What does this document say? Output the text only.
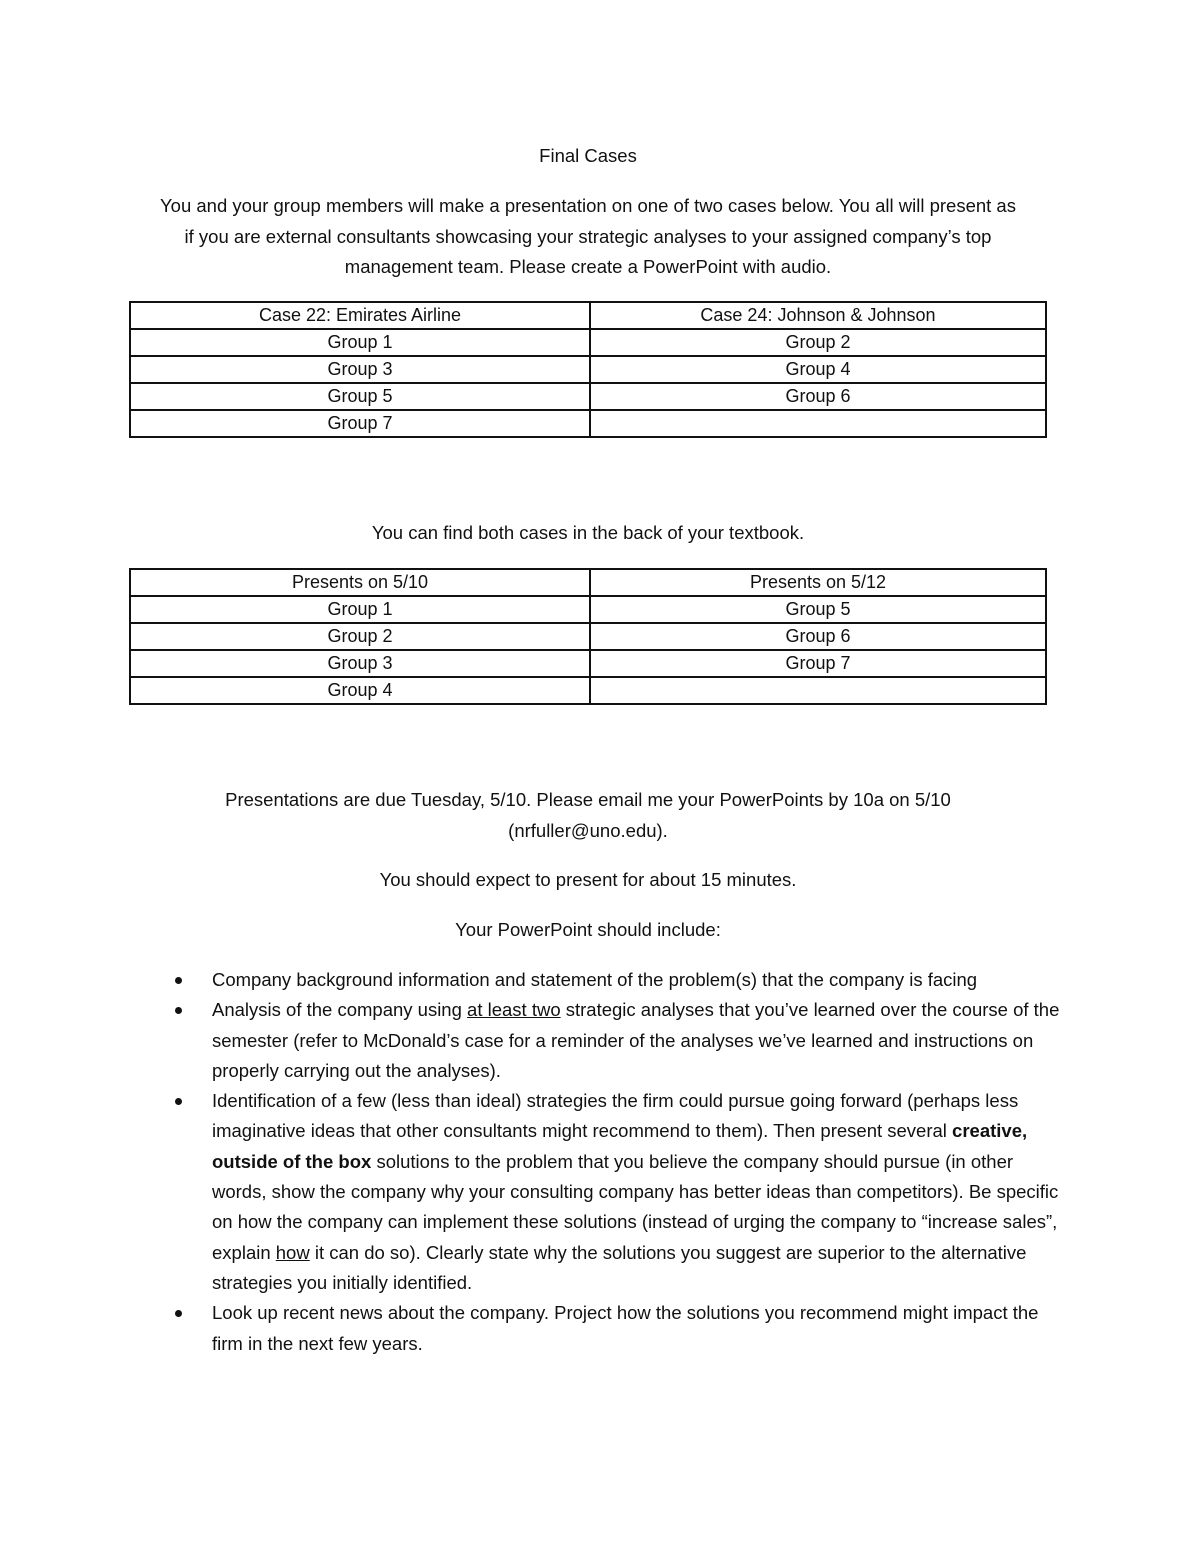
Final Cases
You and your group members will make a presentation on one of two cases below. You all will present as
if you are external consultants showcasing your strategic analyses to your assigned company’s top
management team. Please create a PowerPoint with audio.
Case 22: Emirates Airline	Case 24: Johnson & Johnson
Group 1	Group 2
Group 3	Group 4
Group 5	Group 6
Group 7	
You can find both cases in the back of your textbook.
Presents on 5/10	Presents on 5/12
Group 1	Group 5
Group 2	Group 6
Group 3	Group 7
Group 4	
Presentations are due Tuesday, 5/10. Please email me your PowerPoints by 10a on 5/10
(nrfuller@uno.edu).
You should expect to present for about 15 minutes.
Your PowerPoint should include:
Company background information and statement of the problem(s) that the company is facing
Analysis of the company using at least two strategic analyses that you’ve learned over the course of the semester (refer to McDonald’s case for a reminder of the analyses we’ve learned and instructions on properly carrying out the analyses).
Identification of a few (less than ideal) strategies the firm could pursue going forward (perhaps less imaginative ideas that other consultants might recommend to them). Then present several creative, outside of the box solutions to the problem that you believe the company should pursue (in other words, show the company why your consulting company has better ideas than competitors). Be specific on how the company can implement these solutions (instead of urging the company to “increase sales”, explain how it can do so). Clearly state why the solutions you suggest are superior to the alternative strategies you initially identified.
Look up recent news about the company. Project how the solutions you recommend might impact the firm in the next few years.
